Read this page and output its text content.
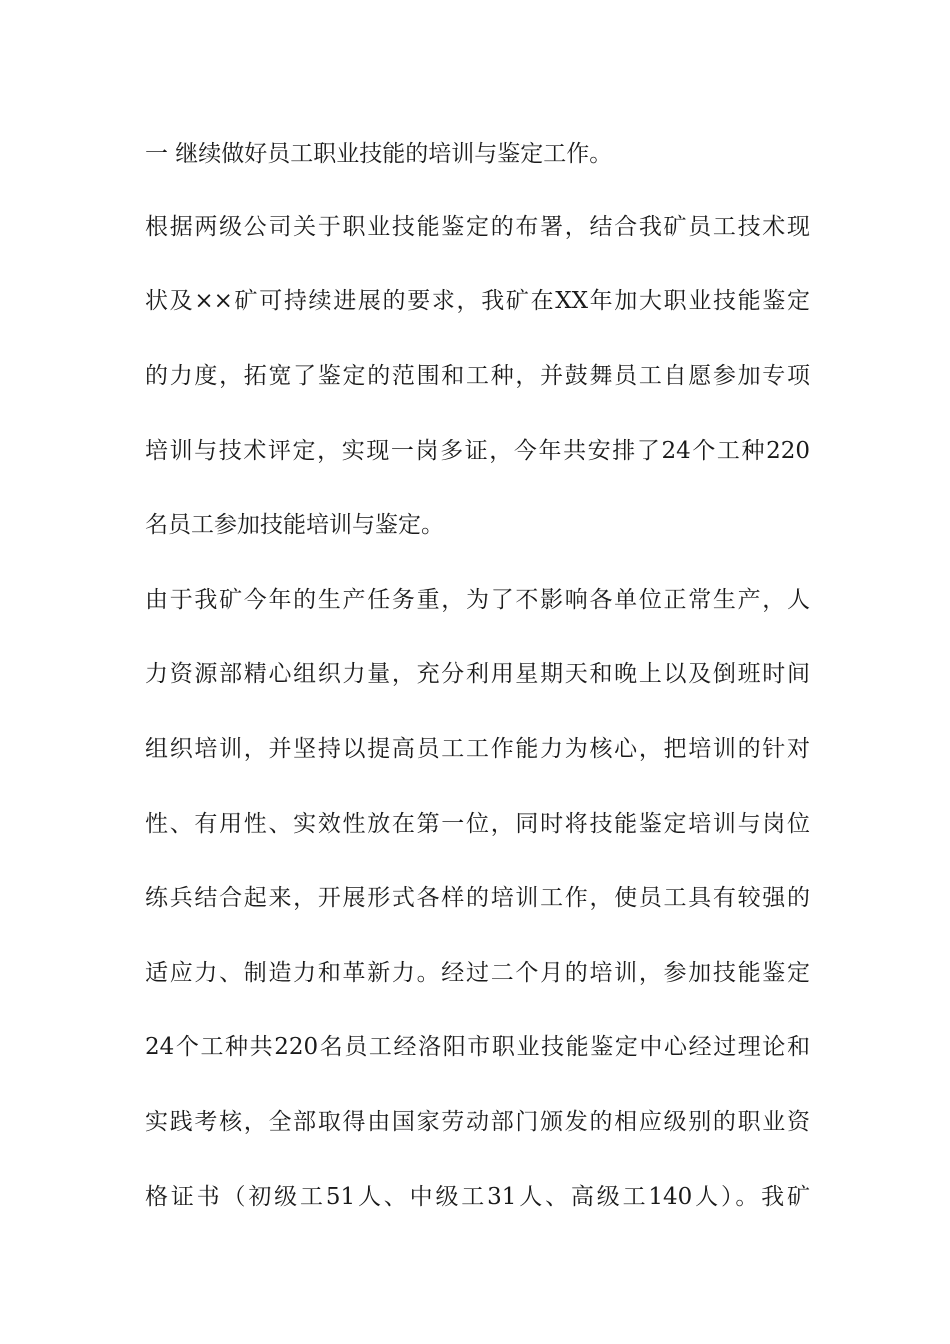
一 继续做好员工职业技能的培训与鉴定工作。
根据两级公司关于职业技能鉴定的布署，结合我矿员工技术现
状及××矿可持续进展的要求，我矿在XX年加大职业技能鉴定
的力度，拓宽了鉴定的范围和工种，并鼓舞员工自愿参加专项
培训与技术评定，实现一岗多证，今年共安排了24个工种220
名员工参加技能培训与鉴定。
由于我矿今年的生产任务重，为了不影响各单位正常生产，人
力资源部精心组织力量，充分利用星期天和晚上以及倒班时间
组织培训，并坚持以提高员工工作能力为核心，把培训的针对
性、有用性、实效性放在第一位，同时将技能鉴定培训与岗位
练兵结合起来，开展形式各样的培训工作，使员工具有较强的
适应力、制造力和革新力。经过二个月的培训，参加技能鉴定
24个工种共220名员工经洛阳市职业技能鉴定中心经过理论和
实践考核，全部取得由国家劳动部门颁发的相应级别的职业资
格证书（初级工51人、中级工31人、高级工140人）。我矿
